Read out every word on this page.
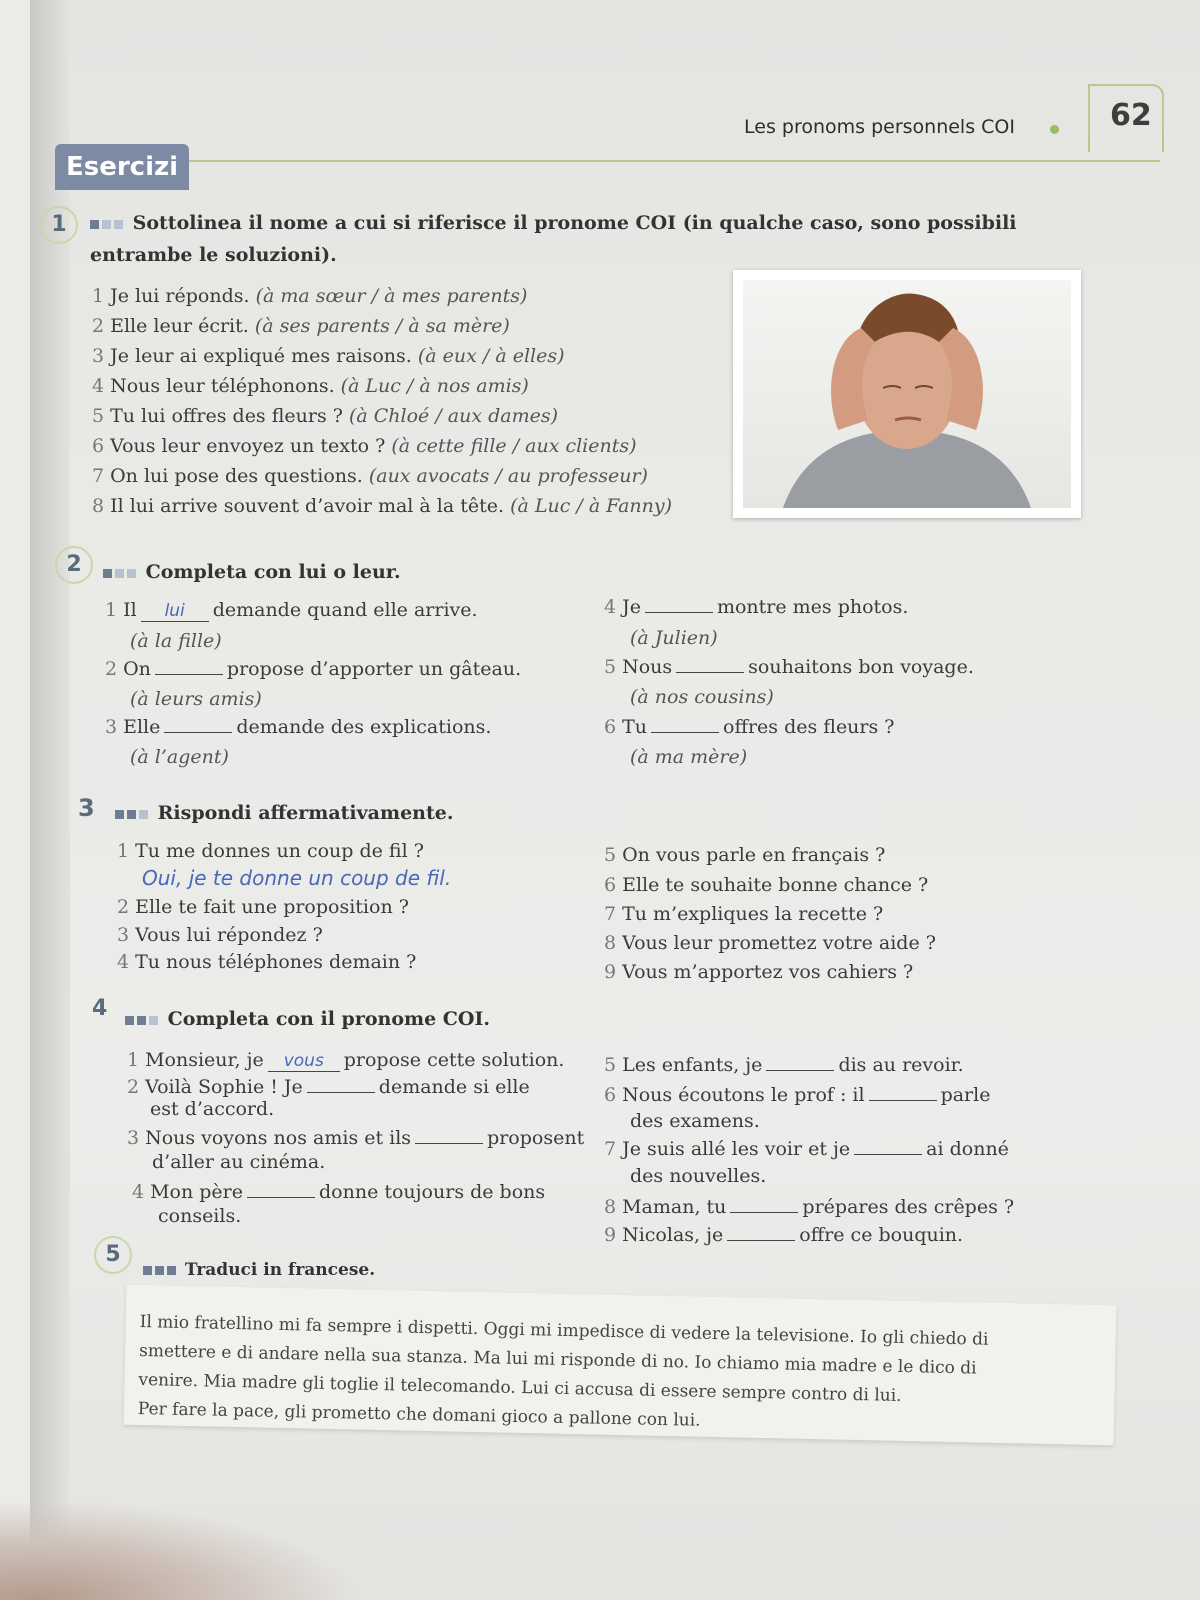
Les pronoms personnels COI	62
Esercizi
1	Sottolinea il nome a cui si riferisce il pronome COI (in qualche caso, sono possibili
entrambe le soluzioni).
1 Je lui réponds. (à ma sœur / à mes parents)
2 Elle leur écrit. (à ses parents / à sa mère)
3 Je leur ai expliqué mes raisons. (à eux / à elles)
4 Nous leur téléphonons. (à Luc / à nos amis)
5 Tu lui offres des fleurs ? (à Chloé / aux dames)
6 Vous leur envoyez un texto ? (à cette fille / aux clients)
7 On lui pose des questions. (aux avocats / au professeur)
8 Il lui arrive souvent d’avoir mal à la tête. (à Luc / à Fanny)
2	Completa con lui o leur.
1 Il lui demande quand elle arrive.
(à la fille)
2 On	propose d’apporter un gâteau.
(à leurs amis)
3 Elle	demande des explications.
(à l’agent)
4 Je	montre mes photos.
(à Julien)
5 Nous	souhaitons bon voyage.
(à nos cousins)
6 Tu	offres des fleurs ?
(à ma mère)
3	Rispondi affermativamente.
1 Tu me donnes un coup de fil ?
Oui, je te donne un coup de fil.
2 Elle te fait une proposition ?
3 Vous lui répondez ?
4 Tu nous téléphones demain ?
5 On vous parle en français ?
6 Elle te souhaite bonne chance ?
7 Tu m’expliques la recette ?
8 Vous leur promettez votre aide ?
9 Vous m’apportez vos cahiers ?
4	Completa con il pronome COI.
1 Monsieur, je vous propose cette solution.
2 Voilà Sophie ! Je	demande si elle
est d’accord.
3 Nous voyons nos amis et ils	proposent
d’aller au cinéma.
4 Mon père	donne toujours de bons
conseils.
5 Les enfants, je	dis au revoir.
6 Nous écoutons le prof : il	parle
des examens.
7 Je suis allé les voir et je	ai donné
des nouvelles.
8 Maman, tu	prépares des crêpes ?
9 Nicolas, je	offre ce bouquin.
5
Traduci in francese.
Il mio fratellino mi fa sempre i dispetti. Oggi mi impedisce di vedere la televisione. Io gli chiedo di
smettere e di andare nella sua stanza. Ma lui mi risponde di no. Io chiamo mia madre e le dico di
venire. Mia madre gli toglie il telecomando. Lui ci accusa di essere sempre contro di lui.
Per fare la pace, gli prometto che domani gioco a pallone con lui.
